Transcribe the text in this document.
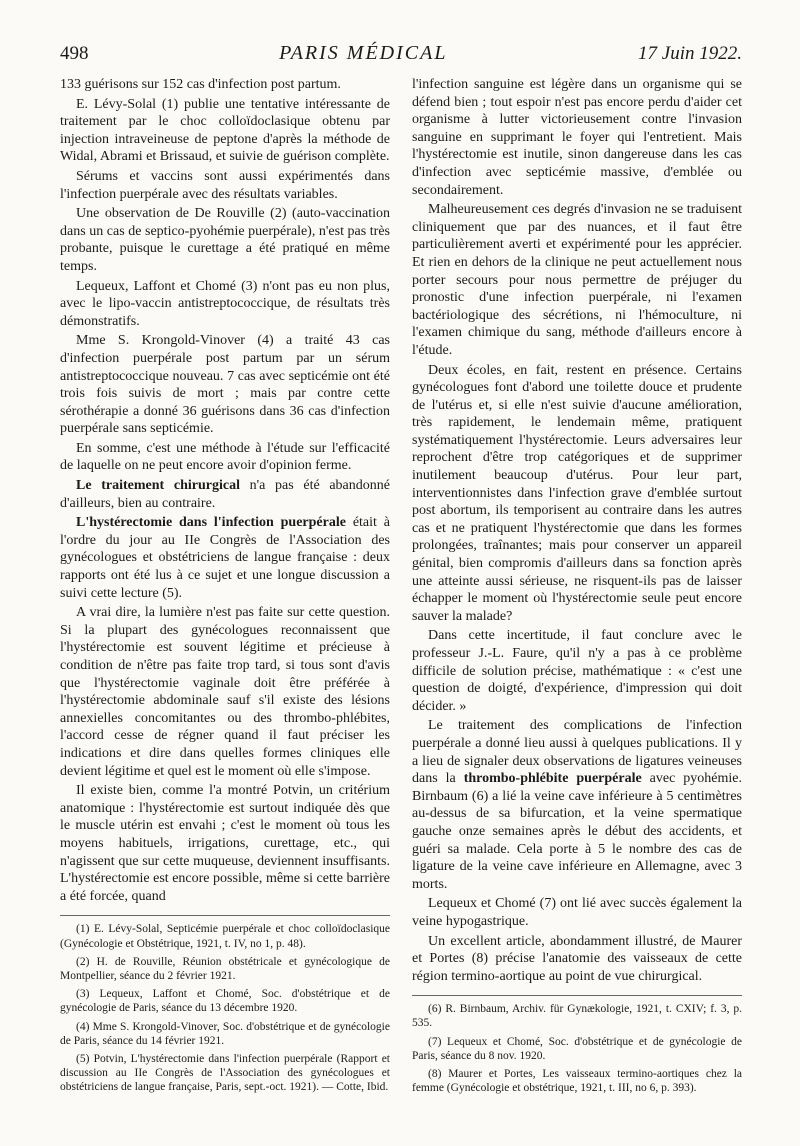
498	PARIS MÉDICAL	17 Juin 1922.

133 guérisons sur 152 cas d'infection post partum.

E. Lévy-Solal (1) publie une tentative intéressante de traitement par le choc colloïdoclasique obtenu par injection intraveineuse de peptone d'après la méthode de Widal, Abrami et Brissaud, et suivie de guérison complète.

Sérums et vaccins sont aussi expérimentés dans l'infection puerpérale avec des résultats variables.

Une observation de De Rouville (2) (auto-vaccination dans un cas de septico-pyohémie puerpérale), n'est pas très probante, puisque le curettage a été pratiqué en même temps.

Lequeux, Laffont et Chomé (3) n'ont pas eu non plus, avec le lipo-vaccin antistreptococcique, de résultats très démonstratifs.

Mme S. Krongold-Vinover (4) a traité 43 cas d'infection puerpérale post partum par un sérum antistreptococcique nouveau. 7 cas avec septicémie ont été trois fois suivis de mort ; mais par contre cette sérothérapie a donné 36 guérisons dans 36 cas d'infection puerpérale sans septicémie.

En somme, c'est une méthode à l'étude sur l'efficacité de laquelle on ne peut encore avoir d'opinion ferme.

Le traitement chirurgical n'a pas été abandonné d'ailleurs, bien au contraire.

L'hystérectomie dans l'infection puerpérale était à l'ordre du jour au IIe Congrès de l'Association des gynécologues et obstétriciens de langue française : deux rapports ont été lus à ce sujet et une longue discussion a suivi cette lecture (5).

A vrai dire, la lumière n'est pas faite sur cette question. Si la plupart des gynécologues reconnaissent que l'hystérectomie est souvent légitime et précieuse à condition de n'être pas faite trop tard, si tous sont d'avis que l'hystérectomie vaginale doit être préférée à l'hystérectomie abdominale sauf s'il existe des lésions annexielles concomitantes ou des thrombo-phlébites, l'accord cesse de régner quand il faut préciser les indications et dire dans quelles formes cliniques elle devient légitime et quel est le moment où elle s'impose.

Il existe bien, comme l'a montré Potvin, un critérium anatomique : l'hystérectomie est surtout indiquée dès que le muscle utérin est envahi ; c'est le moment où tous les moyens habituels, irrigations, curettage, etc., qui n'agissent que sur cette muqueuse, deviennent insuffisants. L'hystérectomie est encore possible, même si cette barrière a été forcée, quand

(1) E. Lévy-Solal, Septicémie puerpérale et choc colloïdoclasique (Gynécologie et Obstétrique, 1921, t. IV, no 1, p. 48).

(2) H. de Rouville, Réunion obstétricale et gynécologique de Montpellier, séance du 2 février 1921.

(3) Lequeux, Laffont et Chomé, Soc. d'obstétrique et de gynécologie de Paris, séance du 13 décembre 1920.

(4) Mme S. Krongold-Vinover, Soc. d'obstétrique et de gynécologie de Paris, séance du 14 février 1921.

(5) Potvin, L'hystérectomie dans l'infection puerpérale (Rapport et discussion au IIe Congrès de l'Association des gynécologues et obstétriciens de langue française, Paris, sept.-oct. 1921). — Cotte, Ibid.

l'infection sanguine est légère dans un organisme qui se défend bien ; tout espoir n'est pas encore perdu d'aider cet organisme à lutter victorieusement contre l'invasion sanguine en supprimant le foyer qui l'entretient. Mais l'hystérectomie est inutile, sinon dangereuse dans les cas d'infection avec septicémie massive, d'emblée ou secondairement.

Malheureusement ces degrés d'invasion ne se traduisent cliniquement que par des nuances, et il faut être particulièrement averti et expérimenté pour les apprécier. Et rien en dehors de la clinique ne peut actuellement nous porter secours pour nous permettre de préjuger du pronostic d'une infection puerpérale, ni l'examen bactériologique des sécrétions, ni l'hémoculture, ni l'examen chimique du sang, méthode d'ailleurs encore à l'étude.

Deux écoles, en fait, restent en présence. Certains gynécologues font d'abord une toilette douce et prudente de l'utérus et, si elle n'est suivie d'aucune amélioration, très rapidement, le lendemain même, pratiquent systématiquement l'hystérectomie. Leurs adversaires leur reprochent d'être trop catégoriques et de supprimer inutilement beaucoup d'utérus. Pour leur part, interventionnistes dans l'infection grave d'emblée surtout post abortum, ils temporisent au contraire dans les autres cas et ne pratiquent l'hystérectomie que dans les formes prolongées, traînantes; mais pour conserver un appareil génital, bien compromis d'ailleurs dans sa fonction après une atteinte aussi sérieuse, ne risquent-ils pas de laisser échapper le moment où l'hystérectomie seule peut encore sauver la malade?

Dans cette incertitude, il faut conclure avec le professeur J.-L. Faure, qu'il n'y a pas à ce problème difficile de solution précise, mathématique : « c'est une question de doigté, d'expérience, d'impression qui doit décider. »

Le traitement des complications de l'infection puerpérale a donné lieu aussi à quelques publications. Il y a lieu de signaler deux observations de ligatures veineuses dans la thrombo-phlébite puerpérale avec pyohémie. Birnbaum (6) a lié la veine cave inférieure à 5 centimètres au-dessus de sa bifurcation, et la veine spermatique gauche onze semaines après le début des accidents, et guéri sa malade. Cela porte à 5 le nombre des cas de ligature de la veine cave inférieure en Allemagne, avec 3 morts.

Lequeux et Chomé (7) ont lié avec succès également la veine hypogastrique.

Un excellent article, abondamment illustré, de Maurer et Portes (8) précise l'anatomie des vaisseaux de cette région termino-aortique au point de vue chirurgical.

(6) R. Birnbaum, Archiv. für Gynækologie, 1921, t. CXIV; f. 3, p. 535.

(7) Lequeux et Chomé, Soc. d'obstétrique et de gynécologie de Paris, séance du 8 nov. 1920.

(8) Maurer et Portes, Les vaisseaux termino-aortiques chez la femme (Gynécologie et obstétrique, 1921, t. III, no 6, p. 393).
